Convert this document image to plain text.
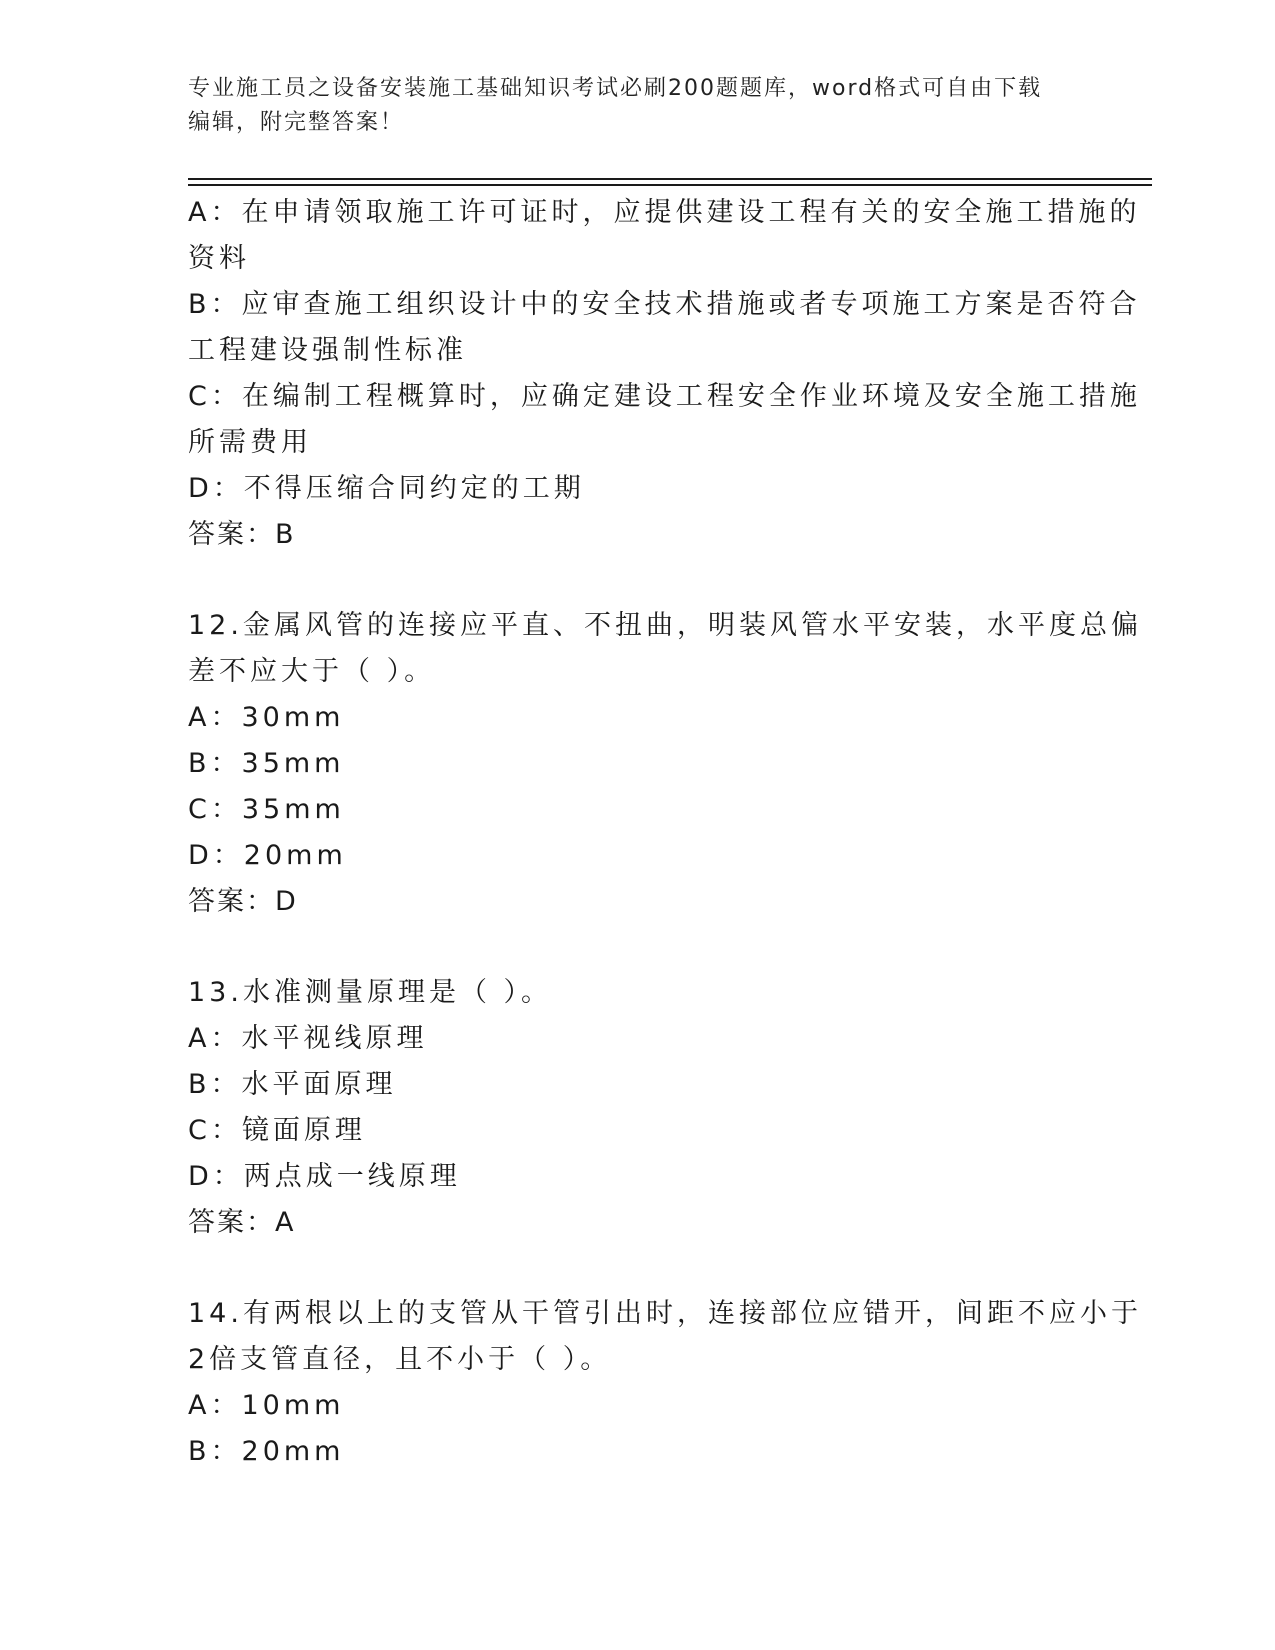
专业施工员之设备安装施工基础知识考试必刷200题题库，word格式可自由下载
编辑，附完整答案！
A：在申请领取施工许可证时，应提供建设工程有关的安全施工措施的
资料
B：应审查施工组织设计中的安全技术措施或者专项施工方案是否符合
工程建设强制性标准
C：在编制工程概算时，应确定建设工程安全作业环境及安全施工措施
所需费用
D：不得压缩合同约定的工期
答案：B
12.金属风管的连接应平直、不扭曲，明装风管水平安装，水平度总偏
差不应大于（ ）。
A：30mm
B：35mm
C：35mm
D：20mm
答案：D
13.水准测量原理是（ ）。
A：水平视线原理
B：水平面原理
C：镜面原理
D：两点成一线原理
答案：A
14.有两根以上的支管从干管引出时，连接部位应错开，间距不应小于
2倍支管直径，且不小于（ ）。
A：10mm
B：20mm
